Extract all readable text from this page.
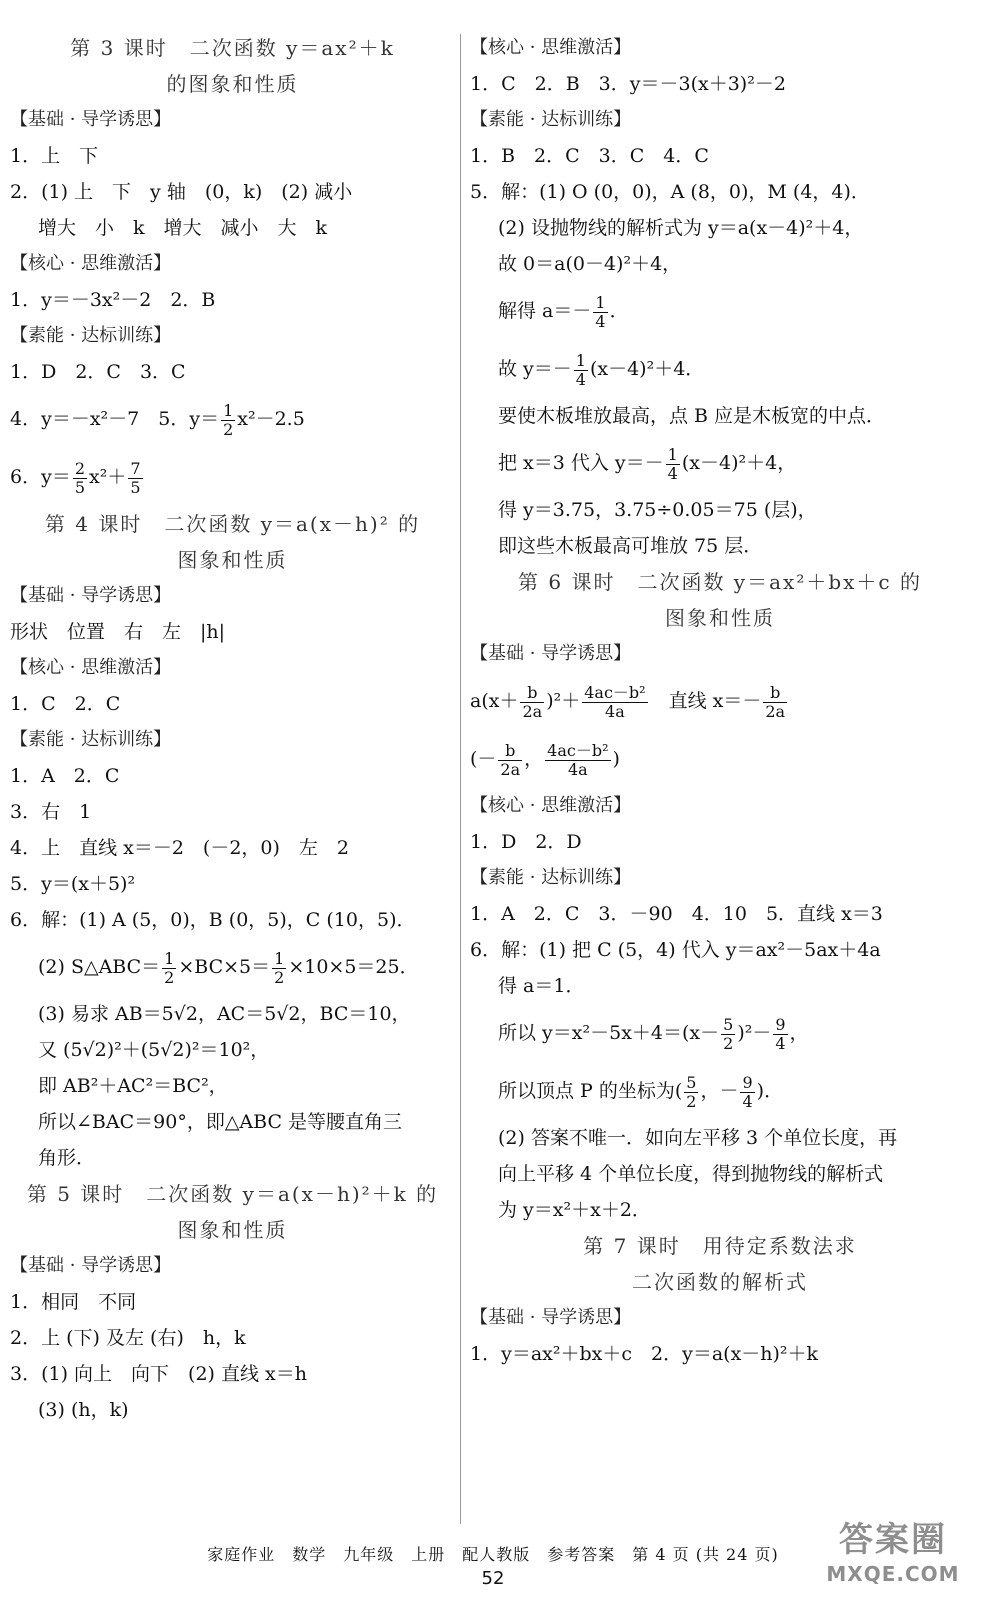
第 3 课时　二次函数 y＝ax²＋k
的图象和性质
【基础 · 导学诱思】
1．上　下
2．(1) 上　下　y 轴　(0，k)　(2) 减小
增大　小　k　增大　减小　大　k
【核心 · 思维激活】
1．y＝－3x²－2　2．B
【素能 · 达标训练】
1．D　2．C　3．C
4．y＝－x²－7　5．$y= \frac{1}{2} x^2-2.5$
6．$y= \frac{2}{5} x^2+ \frac{7}{5}$
第 4 课时　二次函数 y＝a(x－h)² 的
图象和性质
【基础 · 导学诱思】
形状　位置　右　左　|h|
【核心 · 思维激活】
1．C　2．C
【素能 · 达标训练】
1．A　2．C
3．右　1
4．上　直线 x＝－2　(－2，0)　左　2
5．y＝(x＋5)²
6．解：(1) A (5，0)，B (0，5)，C (10，5)．
(2) S△ABC＝ $\frac{1}{2} \times BC\times 5= \frac{1}{2} \times 10\times 5=25$．
(3) 易求 AB＝5√2，AC＝5√2，BC＝10，
又 (5√2)²＋(5√2)²＝10²，
即 AB²＋AC²＝BC²，
所以∠BAC＝90°，即△ABC 是等腰直角三
角形．
第 5 课时　二次函数 y＝a(x－h)²＋k 的
图象和性质
【基础 · 导学诱思】
1．相同　不同
2．上 (下) 及左 (右)　h，k
3．(1) 向上　向下　(2) 直线 x＝h
(3) (h，k)
【核心 · 思维激活】
1．C　2．B　3．y＝－3(x＋3)²－2
【素能 · 达标训练】
1．B　2．C　3．C　4．C
5．解：(1) O (0，0)，A (8，0)，M (4，4)．
(2) 设抛物线的解析式为 y＝a(x－4)²＋4，
故 0＝a(0－4)²＋4，
解得 $a=- \frac{1}{4}$ ．
故 $y=- \frac{1}{4} (x-4)^2+4$．
要使木板堆放最高，点 B 应是木板宽的中点．
把 x＝3 代入 $y=- \frac{1}{4} (x-4)^2+4$，
得 y＝3.75，3.75÷0.05＝75 (层)，
即这些木板最高可堆放 75 层．
第 6 课时　二次函数 y＝ax²＋bx＋c 的
图象和性质
【基础 · 导学诱思】
$a(x+ \frac{b}{2a} )^2+ \frac{\text{4ac－b²}}{4a}$ 　直线 $x=- \frac{b}{2a}$
(－ $\frac{b}{2a}$ ， $\frac{\text{4ac－b²}}{4a}$ )
【核心 · 思维激活】
1．D　2．D
【素能 · 达标训练】
1．A　2．C　3．－90　4．10　5．直线 x＝3
6．解：(1) 把 C (5，4) 代入 y＝ax²－5ax＋4a
得 a＝1．
所以 $y=x^2-5x+4=(x- \frac{5}{2} )^2- \frac{9}{4}$ ，
所以顶点 P 的坐标为( $\frac{5}{2}$ ，－ $\frac{9}{4}$ )．
(2) 答案不唯一．如向左平移 3 个单位长度，再
向上平移 4 个单位长度，得到抛物线的解析式
为 y＝x²＋x＋2．
第 7 课时　用待定系数法求
二次函数的解析式
【基础 · 导学诱思】
1．y＝ax²＋bx＋c　2．y＝a(x－h)²＋k
家庭作业　数学　九年级　上册　配人教版　参考答案　第 4 页 (共 24 页)
52
答案圈
MXQE.COM
